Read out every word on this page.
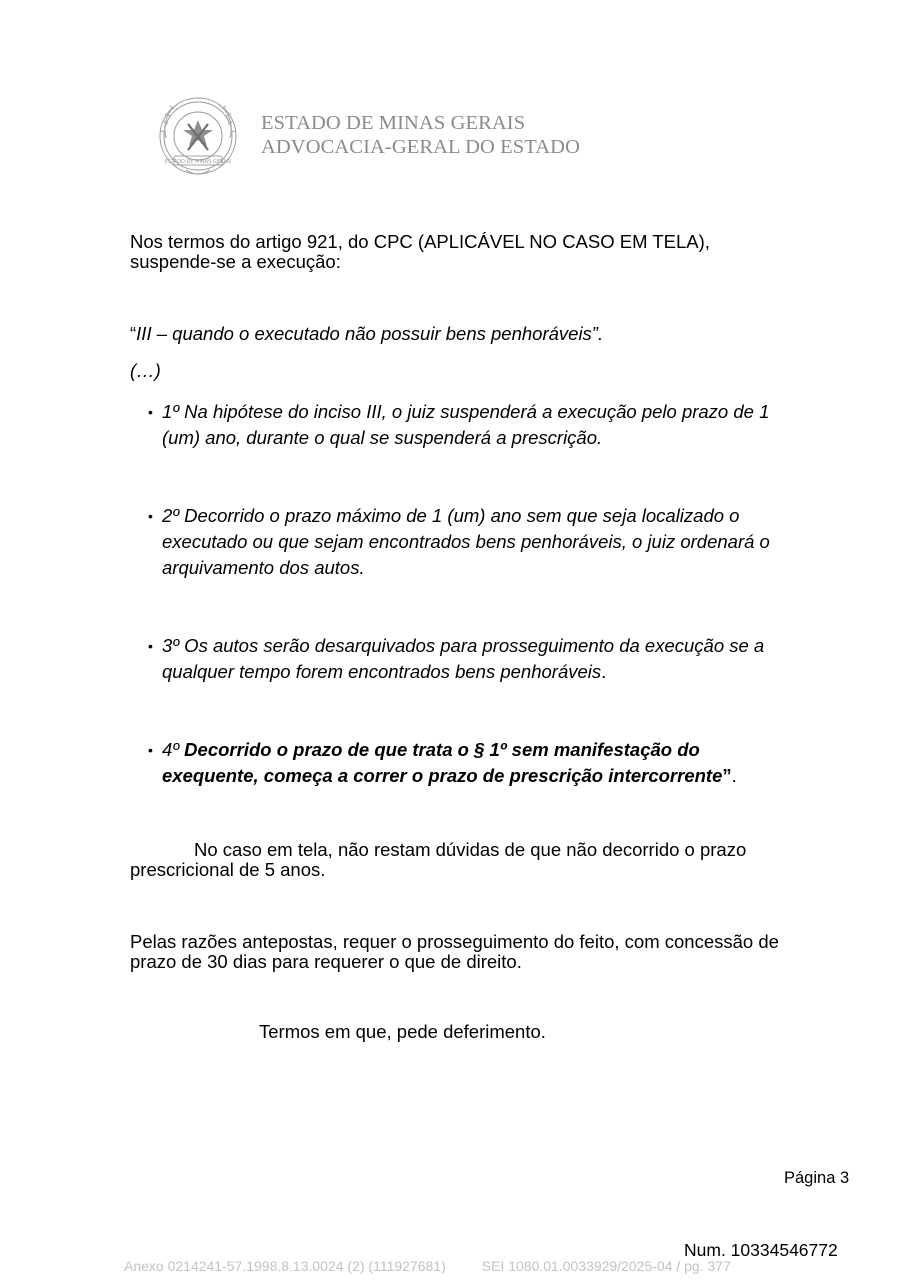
ESTADO DE MINAS GERAIS
ESTADO DE MINAS GERAIS
ADVOCACIA-GERAL DO ESTADO
Nos termos do artigo 921, do CPC (APLICÁVEL NO CASO EM TELA),
suspende-se a execução:
“III – quando o executado não possuir bens penhoráveis”.
(…)
• 1º Na hipótese do inciso III, o juiz suspenderá a execução pelo prazo de 1
(um) ano, durante o qual se suspenderá a prescrição.
• 2º Decorrido o prazo máximo de 1 (um) ano sem que seja localizado o
executado ou que sejam encontrados bens penhoráveis, o juiz ordenará o
arquivamento dos autos.
• 3º Os autos serão desarquivados para prosseguimento da execução se a
qualquer tempo forem encontrados bens penhoráveis.
• 4º Decorrido o prazo de que trata o § 1º sem manifestação do
exequente, começa a correr o prazo de prescrição intercorrente”.
No caso em tela, não restam dúvidas de que não decorrido o prazo
prescricional de 5 anos.
Pelas razões antepostas, requer o prosseguimento do feito, com concessão de
prazo de 30 dias para requerer o que de direito.
Termos em que, pede deferimento.
Página 3
Num. 10334546772
Anexo 0214241-57.1998.8.13.0024 (2) (111927681)	SEI 1080.01.0033929/2025-04 / pg. 377
